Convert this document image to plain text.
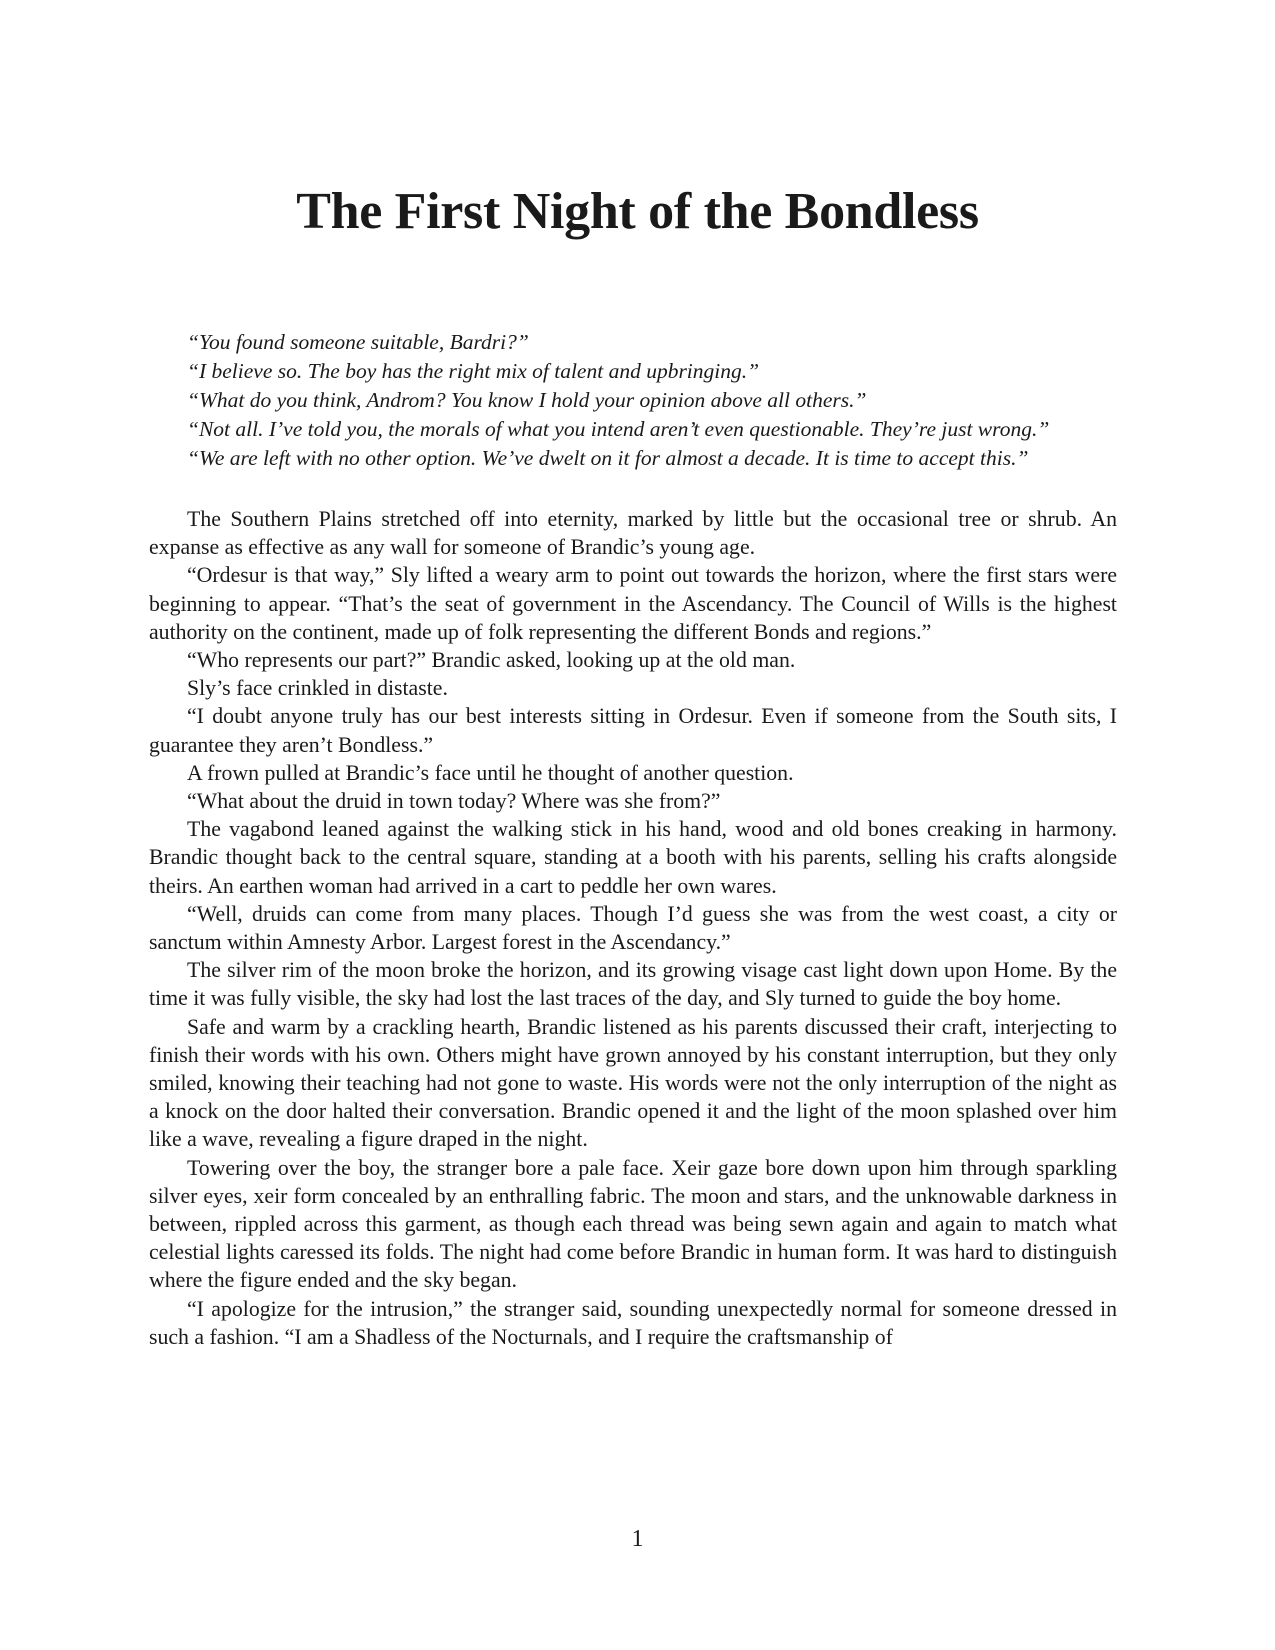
The First Night of the Bondless

“You found someone suitable, Bardri?”

“I believe so. The boy has the right mix of talent and upbringing.”

“What do you think, Androm? You know I hold your opinion above all others.”

“Not all. I’ve told you, the morals of what you intend aren’t even questionable. They’re just wrong.”

“We are left with no other option. We’ve dwelt on it for almost a decade. It is time to accept this.”

The Southern Plains stretched off into eternity, marked by little but the occasional tree or shrub. An expanse as effective as any wall for someone of Brandic’s young age.

“Ordesur is that way,” Sly lifted a weary arm to point out towards the horizon, where the first stars were beginning to appear. “That’s the seat of government in the Ascendancy. The Council of Wills is the highest authority on the continent, made up of folk representing the different Bonds and regions.”

“Who represents our part?” Brandic asked, looking up at the old man.

Sly’s face crinkled in distaste.

“I doubt anyone truly has our best interests sitting in Ordesur. Even if someone from the South sits, I guarantee they aren’t Bondless.”

A frown pulled at Brandic’s face until he thought of another question.

“What about the druid in town today? Where was she from?”

The vagabond leaned against the walking stick in his hand, wood and old bones creaking in harmony. Brandic thought back to the central square, standing at a booth with his parents, selling his crafts alongside theirs. An earthen woman had arrived in a cart to peddle her own wares.

“Well, druids can come from many places. Though I’d guess she was from the west coast, a city or sanctum within Amnesty Arbor. Largest forest in the Ascendancy.”

The silver rim of the moon broke the horizon, and its growing visage cast light down upon Home. By the time it was fully visible, the sky had lost the last traces of the day, and Sly turned to guide the boy home.

Safe and warm by a crackling hearth, Brandic listened as his parents discussed their craft, interjecting to finish their words with his own. Others might have grown annoyed by his constant interruption, but they only smiled, knowing their teaching had not gone to waste. His words were not the only interruption of the night as a knock on the door halted their conversation. Brandic opened it and the light of the moon splashed over him like a wave, revealing a figure draped in the night.

Towering over the boy, the stranger bore a pale face. Xeir gaze bore down upon him through sparkling silver eyes, xeir form concealed by an enthralling fabric. The moon and stars, and the unknowable darkness in between, rippled across this garment, as though each thread was being sewn again and again to match what celestial lights caressed its folds. The night had come before Brandic in human form. It was hard to distinguish where the figure ended and the sky began.

“I apologize for the intrusion,” the stranger said, sounding unexpectedly normal for someone dressed in such a fashion. “I am a Shadless of the Nocturnals, and I require the craftsmanship of

1
